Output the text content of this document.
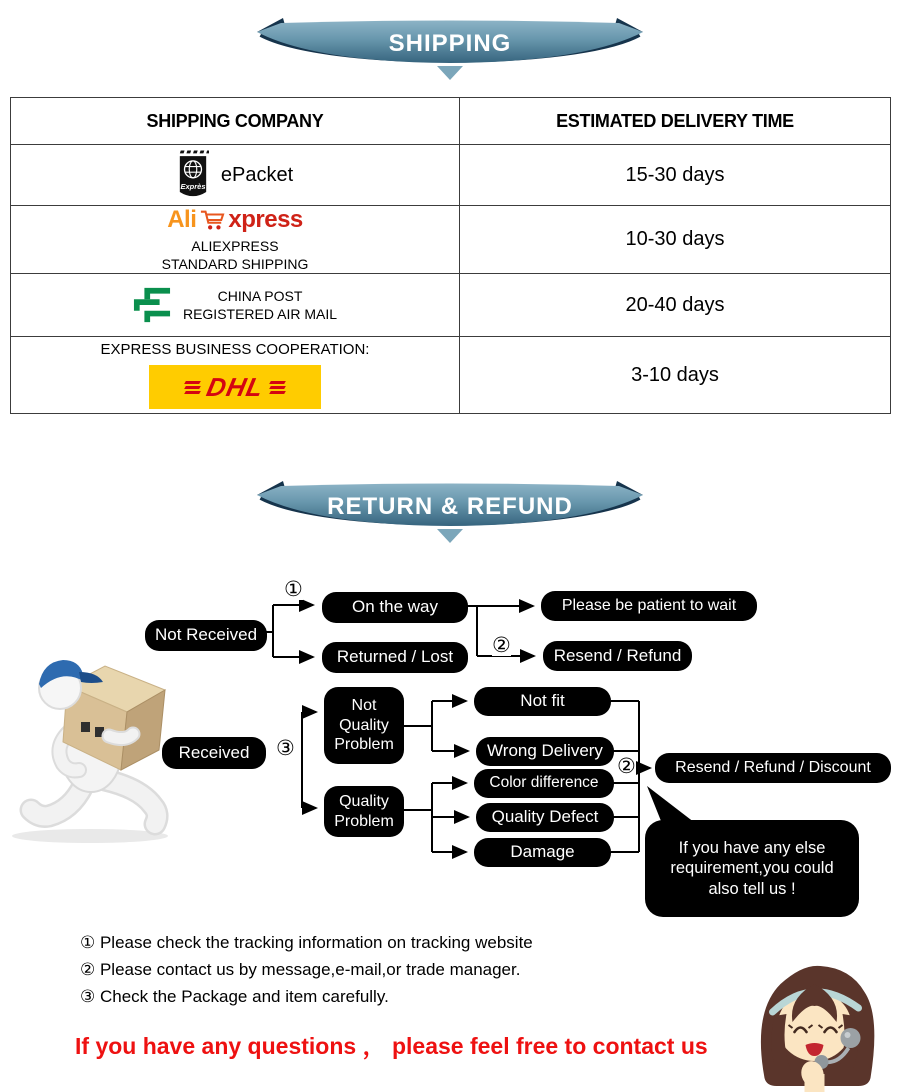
SHIPPING
SHIPPING COMPANY	ESTIMATED DELIVERY TIME

Exprès
ePacket	15-30 days

Ali xpress
ALIEXPRESS
STANDARD SHIPPING	10-30 days

CHINA POST
REGISTERED AIR MAIL	20-40 days

EXPRESS BUSINESS COOPERATION:
DHL	3-10 days
RETURN & REFUND
Not Received
On the way
Returned / Lost
Please be patient to wait
Resend / Refund
Received
Not Quality Problem
Not fit
Wrong Delivery
Color difference
Quality Problem	Quality Defect
Damage
Resend / Refund / Discount
If you have any else requirement,you could also tell us !
①
②
③
②

① Please check the tracking information on tracking website

② Please contact us by message,e-mail,or trade manager.

③ Check the Package and item carefully.

If you have any questions ， please feel free to contact us
